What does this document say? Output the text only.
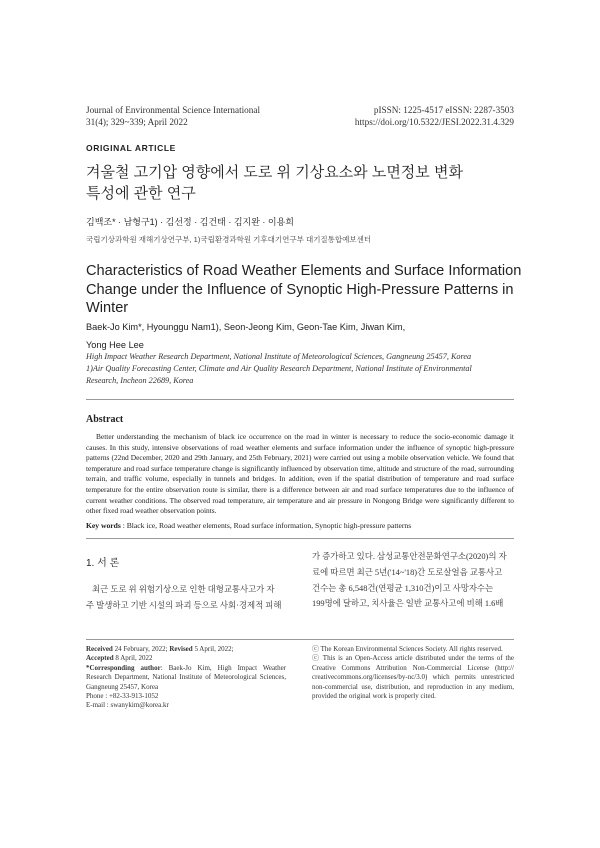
Journal of Environmental Science International
31(4); 329~339; April 2022
pISSN: 1225-4517 eISSN: 2287-3503
https://doi.org/10.5322/JESI.2022.31.4.329
ORIGINAL ARTICLE
겨울철 고기압 영향에서 도로 위 기상요소와 노면정보 변화
특성에 관한 연구
김백조* · 남형구1) · 김선정 · 김건태 · 김지완 · 이용희
국립기상과학원 재해기상연구부, 1)국립환경과학원 기후대기연구부 대기질통합예보센터
Characteristics of Road Weather Elements and Surface Information
Change under the Influence of Synoptic High-Pressure Patterns in
Winter
Baek-Jo Kim*, Hyounggu Nam1), Seon-Jeong Kim, Geon-Tae Kim, Jiwan Kim,
Yong Hee Lee
High Impact Weather Research Department, National Institute of Meteorological Sciences, Gangneung 25457, Korea
1)Air Quality Forecasting Center, Climate and Air Quality Research Department, National Institute of Environmental
Research, Incheon 22689, Korea
Abstract
Better understanding the mechanism of black ice occurrence on the road in winter is necessary to reduce the socio-economic damage it causes. In this study, intensive observations of road weather elements and surface information under the influence of synoptic high-pressure patterns (22nd December, 2020 and 29th January, and 25th February, 2021) were carried out using a mobile observation vehicle. We found that temperature and road surface temperature change is significantly influenced by observation time, altitude and structure of the road, surrounding terrain, and traffic volume, especially in tunnels and bridges. In addition, even if the spatial distribution of temperature and road surface temperature for the entire observation route is similar, there is a difference between air and road surface temperatures due to the influence of current weather conditions. The observed road temperature, air temperature and air pressure in Nongong Bridge were significantly different to other fixed road weather observation points.
Key words : Black ice, Road weather elements, Road surface information, Synoptic high-pressure patterns
1. 서 론
최근 도로 위 위험기상으로 인한 대형교통사고가 자
주 발생하고 기반 시설의 파괴 등으로 사회·경제적 피해
가 증가하고 있다. 삼성교통안전문화연구소(2020)의 자
료에 따르면 최근 5년('14~'18)간 도로살얼음 교통사고
건수는 총 6,548건(연평균 1,310건)이고 사망자수는
199명에 달하고, 치사율은 일반 교통사고에 비해 1.6배
Received 24 February, 2022; Revised 5 April, 2022;
Accepted 8 April, 2022
*Corresponding author: Baek-Jo Kim, High Impact Weather Research Department, National Institute of Meteorological Sciences, Gangneung 25457, Korea
Phone : +82-33-913-1052
E-mail : swanykim@korea.kr
ⓒ The Korean Environmental Sciences Society. All rights reserved.
ⓒ This is an Open-Access article distributed under the terms of the Creative Commons Attribution Non-Commercial License (http:// creativecommons.org/licenses/by-nc/3.0) which permits unrestricted non-commercial use, distribution, and reproduction in any medium, provided the original work is properly cited.
